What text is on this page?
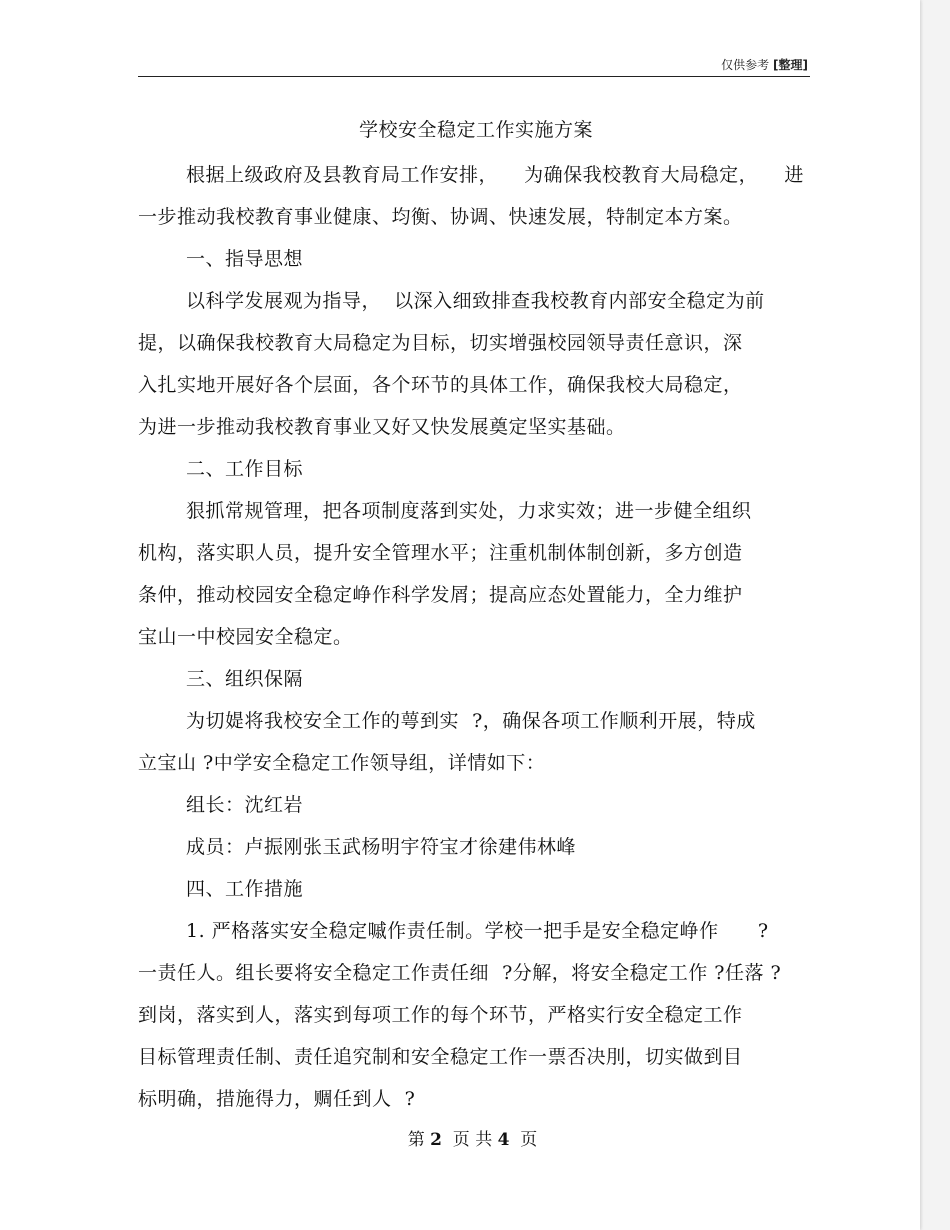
仅供参考 [整理]
学校安全稳定工作实施方案
根据上级政府及县教育局工作安排，    为确保我校教育大局稳定，    进
一步推动我校教育事业健康、均衡、协调、快速发展，特制定本方案。
一、指导思想
以科学发展观为指导，  以深入细致排查我校教育内部安全稳定为前
提，以确保我校教育大局稳定为目标，切实增强校园领导责任意识，深
入扎实地开展好各个层面，各个环节的具体工作，确保我校大局稳定，
为进一步推动我校教育事业又好又快发展奠定坚实基础。
二、工作目标
狠抓常规管理，把各项制度落到实处，力求实效；进一步健全组织
机构，落实职人员，提升安全管理水平；注重机制体制创新，多方创造
条仲，推动校园安全稳定峥作科学发屑；提高应态处置能力，全力维护
宝山一中校园安全稳定。
三、组织保隔
为切媞将我校安全工作的萼到实  ?，确保各项工作顺利开展，特成
立宝山 ?中学安全稳定工作领导组，详情如下：
组长：沈红岩
成员：卢振刚张玉武杨明宇符宝才徐建伟林峰
四、工作措施
1. 严格落实安全稳定嘁作责任制。学校一把手是安全稳定峥作      ?
一责任人。组长要将安全稳定工作责任细  ?分解，将安全稳定工作 ?任落 ?
到岗，落实到人，落实到每项工作的每个环节，严格实行安全稳定工作
目标管理责任制、责任追究制和安全稳定工作一票否决刖，切实做到目
标明确，措施得力，赒任到人  ?
第 2 页 共 4 页
